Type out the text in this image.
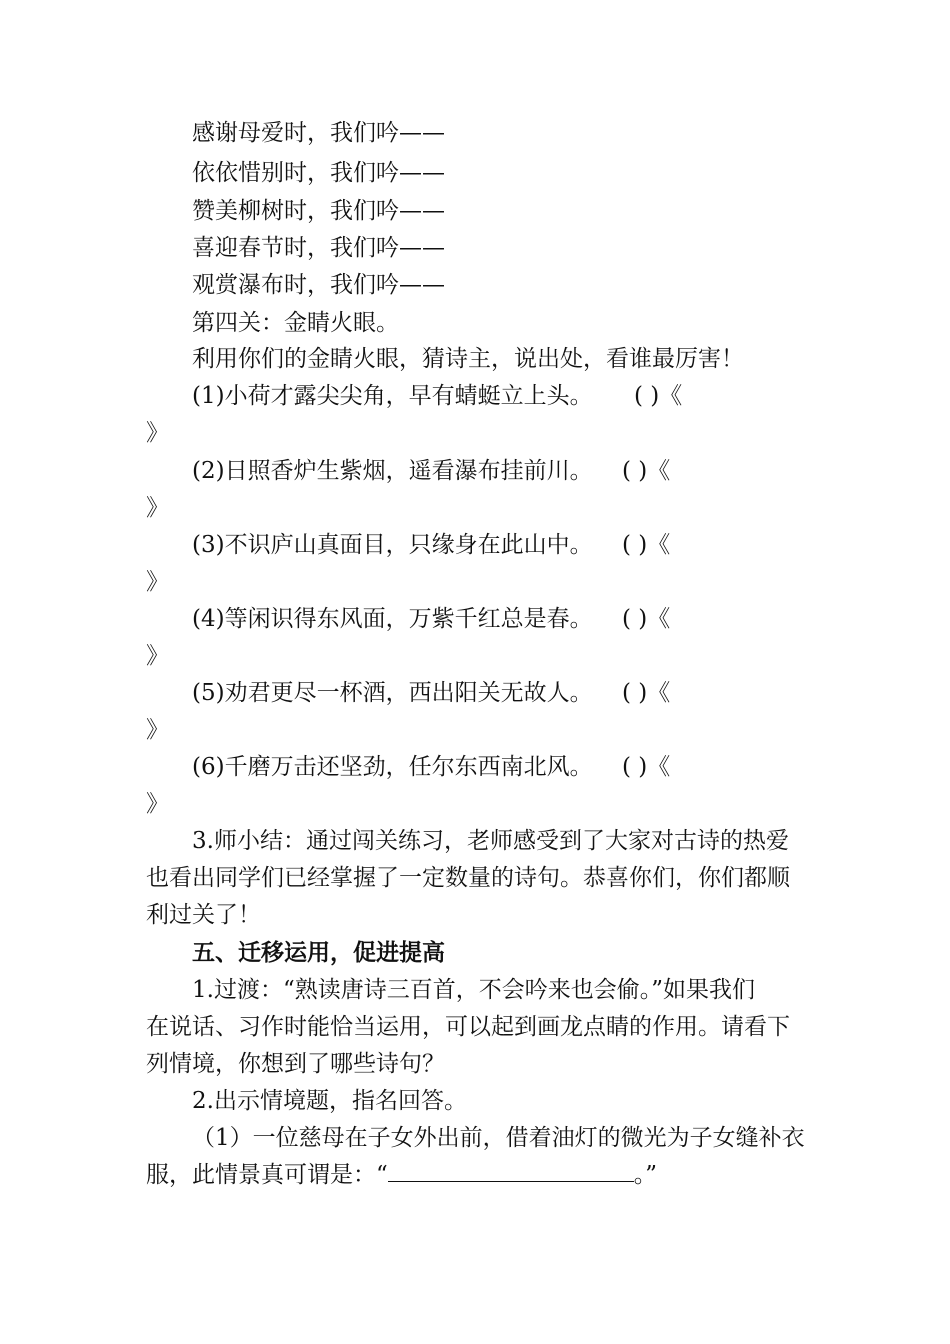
感谢母爱时，我们吟——
依依惜别时，我们吟——
赞美柳树时，我们吟——
喜迎春节时，我们吟——
观赏瀑布时，我们吟——
第四关：金睛火眼。
利用你们的金睛火眼，猜诗主，说出处，看谁最厉害！
(1)小荷才露尖尖角，早有蜻蜓立上头。 ( )《
》
(2)日照香炉生紫烟，遥看瀑布挂前川。 ( )《
》
(3)不识庐山真面目，只缘身在此山中。 ( )《
》
(4)等闲识得东风面，万紫千红总是春。 ( )《
》
(5)劝君更尽一杯酒，西出阳关无故人。 ( )《
》
(6)千磨万击还坚劲，任尔东西南北风。 ( )《
》
3.师小结：通过闯关练习，老师感受到了大家对古诗的热爱
也看出同学们已经掌握了一定数量的诗句。恭喜你们，你们都顺
利过关了！
五、迁移运用，促进提高
1.过渡：“熟读唐诗三百首，不会吟来也会偷。”如果我们
在说话、习作时能恰当运用，可以起到画龙点睛的作用。请看下
列情境，你想到了哪些诗句？
2.出示情境题，指名回答。
（1）一位慈母在子女外出前，借着油灯的微光为子女缝补衣
服，此情景真可谓是：“	。”
